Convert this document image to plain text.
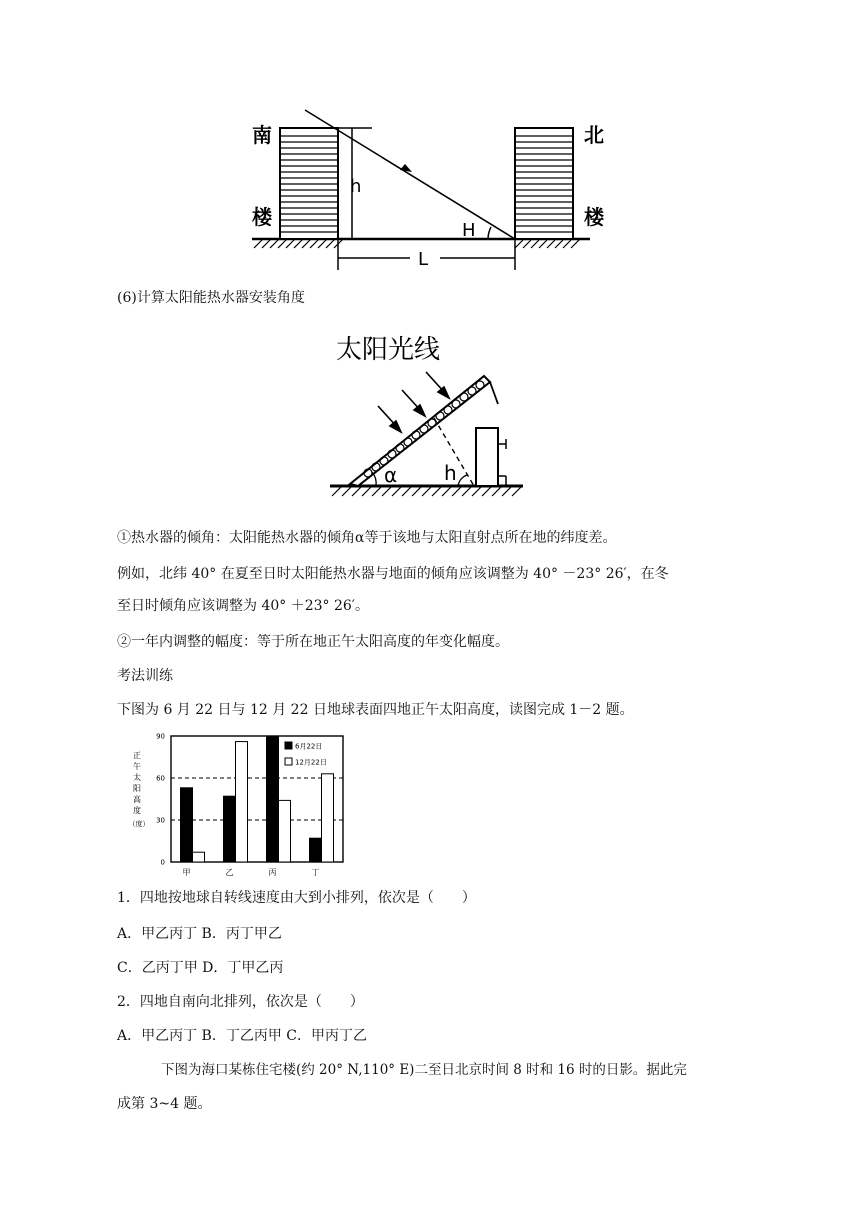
南
楼
北
楼
h
H
L
(6)计算太阳能热水器安装角度
太阳光线
α h
①热水器的倾角：太阳能热水器的倾角α等于该地与太阳直射点所在地的纬度差。
例如，北纬 40° 在夏至日时太阳能热水器与地面的倾角应该调整为 40° －23° 26′，在冬
至日时倾角应该调整为 40° ＋23° 26′。
②一年内调整的幅度：等于所在地正午太阳高度的年变化幅度。
考法训练
下图为 6 月 22 日与 12 月 22 日地球表面四地正午太阳高度，读图完成 1－2 题。
正
午
太
阳
高
度
（度）
0
30
60
90
甲	乙	丙	丁
6月22日
12月22日
1．四地按地球自转线速度由大到小排列，依次是（　　）
A．甲乙丙丁 B．丙丁甲乙
C．乙丙丁甲 D．丁甲乙丙
2．四地自南向北排列，依次是（　　）
A．甲乙丙丁 B．丁乙丙甲 C．甲丙丁乙
下图为海口某栋住宅楼(约 20° N,110° E)二至日北京时间 8 时和 16 时的日影。据此完
成第 3~4 题。
